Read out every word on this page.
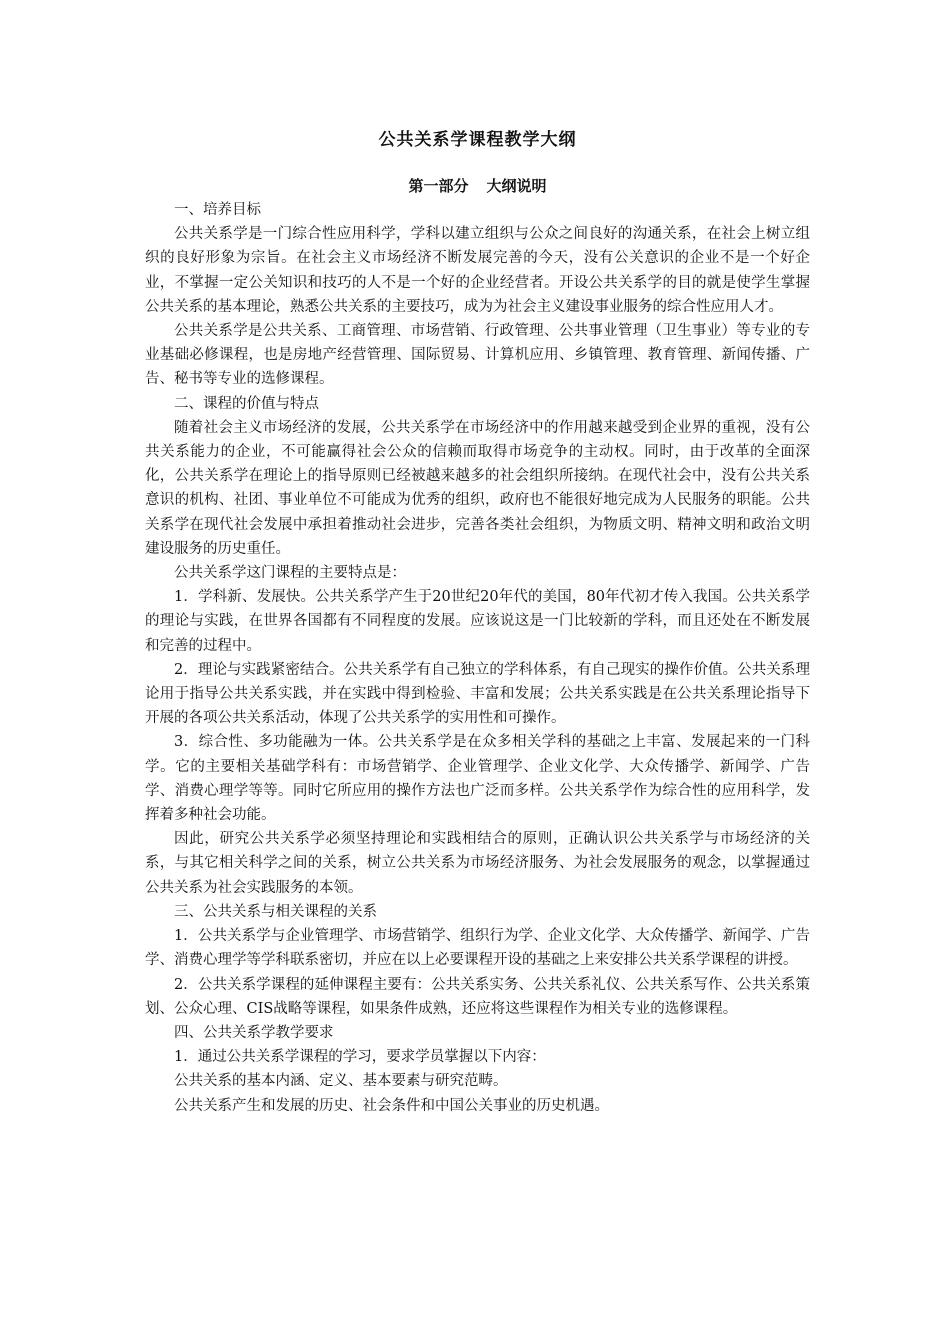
公共关系学课程教学大纲
第一部分 大纲说明

一、培养目标

公共关系学是一门综合性应用科学，学科以建立组织与公众之间良好的沟通关系，在社会上树立组织的良好形象为宗旨。在社会主义市场经济不断发展完善的今天，没有公关意识的企业不是一个好企业，不掌握一定公关知识和技巧的人不是一个好的企业经营者。开设公共关系学的目的就是使学生掌握公共关系的基本理论，熟悉公共关系的主要技巧，成为为社会主义建设事业服务的综合性应用人才。

公共关系学是公共关系、工商管理、市场营销、行政管理、公共事业管理（卫生事业）等专业的专业基础必修课程，也是房地产经营管理、国际贸易、计算机应用、乡镇管理、教育管理、新闻传播、广告、秘书等专业的选修课程。

二、课程的价值与特点

随着社会主义市场经济的发展，公共关系学在市场经济中的作用越来越受到企业界的重视，没有公共关系能力的企业，不可能赢得社会公众的信赖而取得市场竞争的主动权。同时，由于改革的全面深化，公共关系学在理论上的指导原则已经被越来越多的社会组织所接纳。在现代社会中，没有公共关系意识的机构、社团、事业单位不可能成为优秀的组织，政府也不能很好地完成为人民服务的职能。公共关系学在现代社会发展中承担着推动社会进步，完善各类社会组织，为物质文明、精神文明和政治文明建设服务的历史重任。

公共关系学这门课程的主要特点是：

1．学科新、发展快。公共关系学产生于20世纪20年代的美国，80年代初才传入我国。公共关系学的理论与实践，在世界各国都有不同程度的发展。应该说这是一门比较新的学科，而且还处在不断发展和完善的过程中。

2．理论与实践紧密结合。公共关系学有自己独立的学科体系，有自己现实的操作价值。公共关系理论用于指导公共关系实践，并在实践中得到检验、丰富和发展；公共关系实践是在公共关系理论指导下开展的各项公共关系活动，体现了公共关系学的实用性和可操作。

3．综合性、多功能融为一体。公共关系学是在众多相关学科的基础之上丰富、发展起来的一门科学。它的主要相关基础学科有：市场营销学、企业管理学、企业文化学、大众传播学、新闻学、广告学、消费心理学等等。同时它所应用的操作方法也广泛而多样。公共关系学作为综合性的应用科学，发挥着多种社会功能。

因此，研究公共关系学必须坚持理论和实践相结合的原则，正确认识公共关系学与市场经济的关系，与其它相关科学之间的关系，树立公共关系为市场经济服务、为社会发展服务的观念，以掌握通过公共关系为社会实践服务的本领。

三、公共关系与相关课程的关系

1．公共关系学与企业管理学、市场营销学、组织行为学、企业文化学、大众传播学、新闻学、广告学、消费心理学等学科联系密切，并应在以上必要课程开设的基础之上来安排公共关系学课程的讲授。

2．公共关系学课程的延伸课程主要有：公共关系实务、公共关系礼仪、公共关系写作、公共关系策划、公众心理、CIS战略等课程，如果条件成熟，还应将这些课程作为相关专业的选修课程。

四、公共关系学教学要求

1．通过公共关系学课程的学习，要求学员掌握以下内容：

公共关系的基本内涵、定义、基本要素与研究范畴。

公共关系产生和发展的历史、社会条件和中国公关事业的历史机遇。
